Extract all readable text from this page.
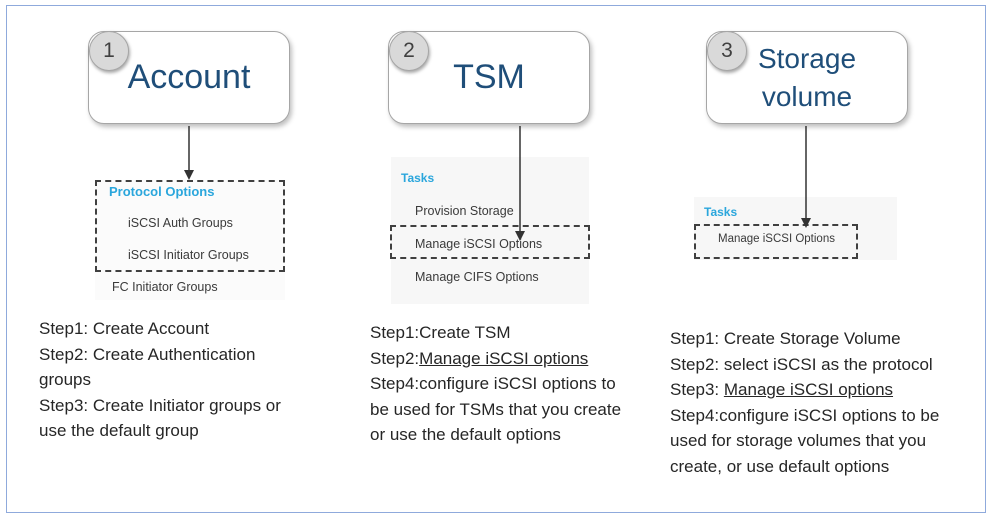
Account
1
Protocol Options
iSCSI Auth Groups
iSCSI Initiator Groups
FC Initiator Groups
Step1: Create Account
Step2: Create Authentication
groups
Step3: Create Initiator groups or
use the default group
TSM
2
Tasks
Provision Storage
Manage iSCSI Options
Manage CIFS Options
Step1:Create TSM
Step2:Manage iSCSI options
Step4:configure iSCSI options to
be used for TSMs that you create
or use the default options
Storage
volume
3
Tasks
Manage iSCSI Options
Step1: Create Storage Volume
Step2: select iSCSI as the protocol
Step3: Manage iSCSI options
Step4:configure iSCSI options to be
used for storage volumes that you
create, or use default options
